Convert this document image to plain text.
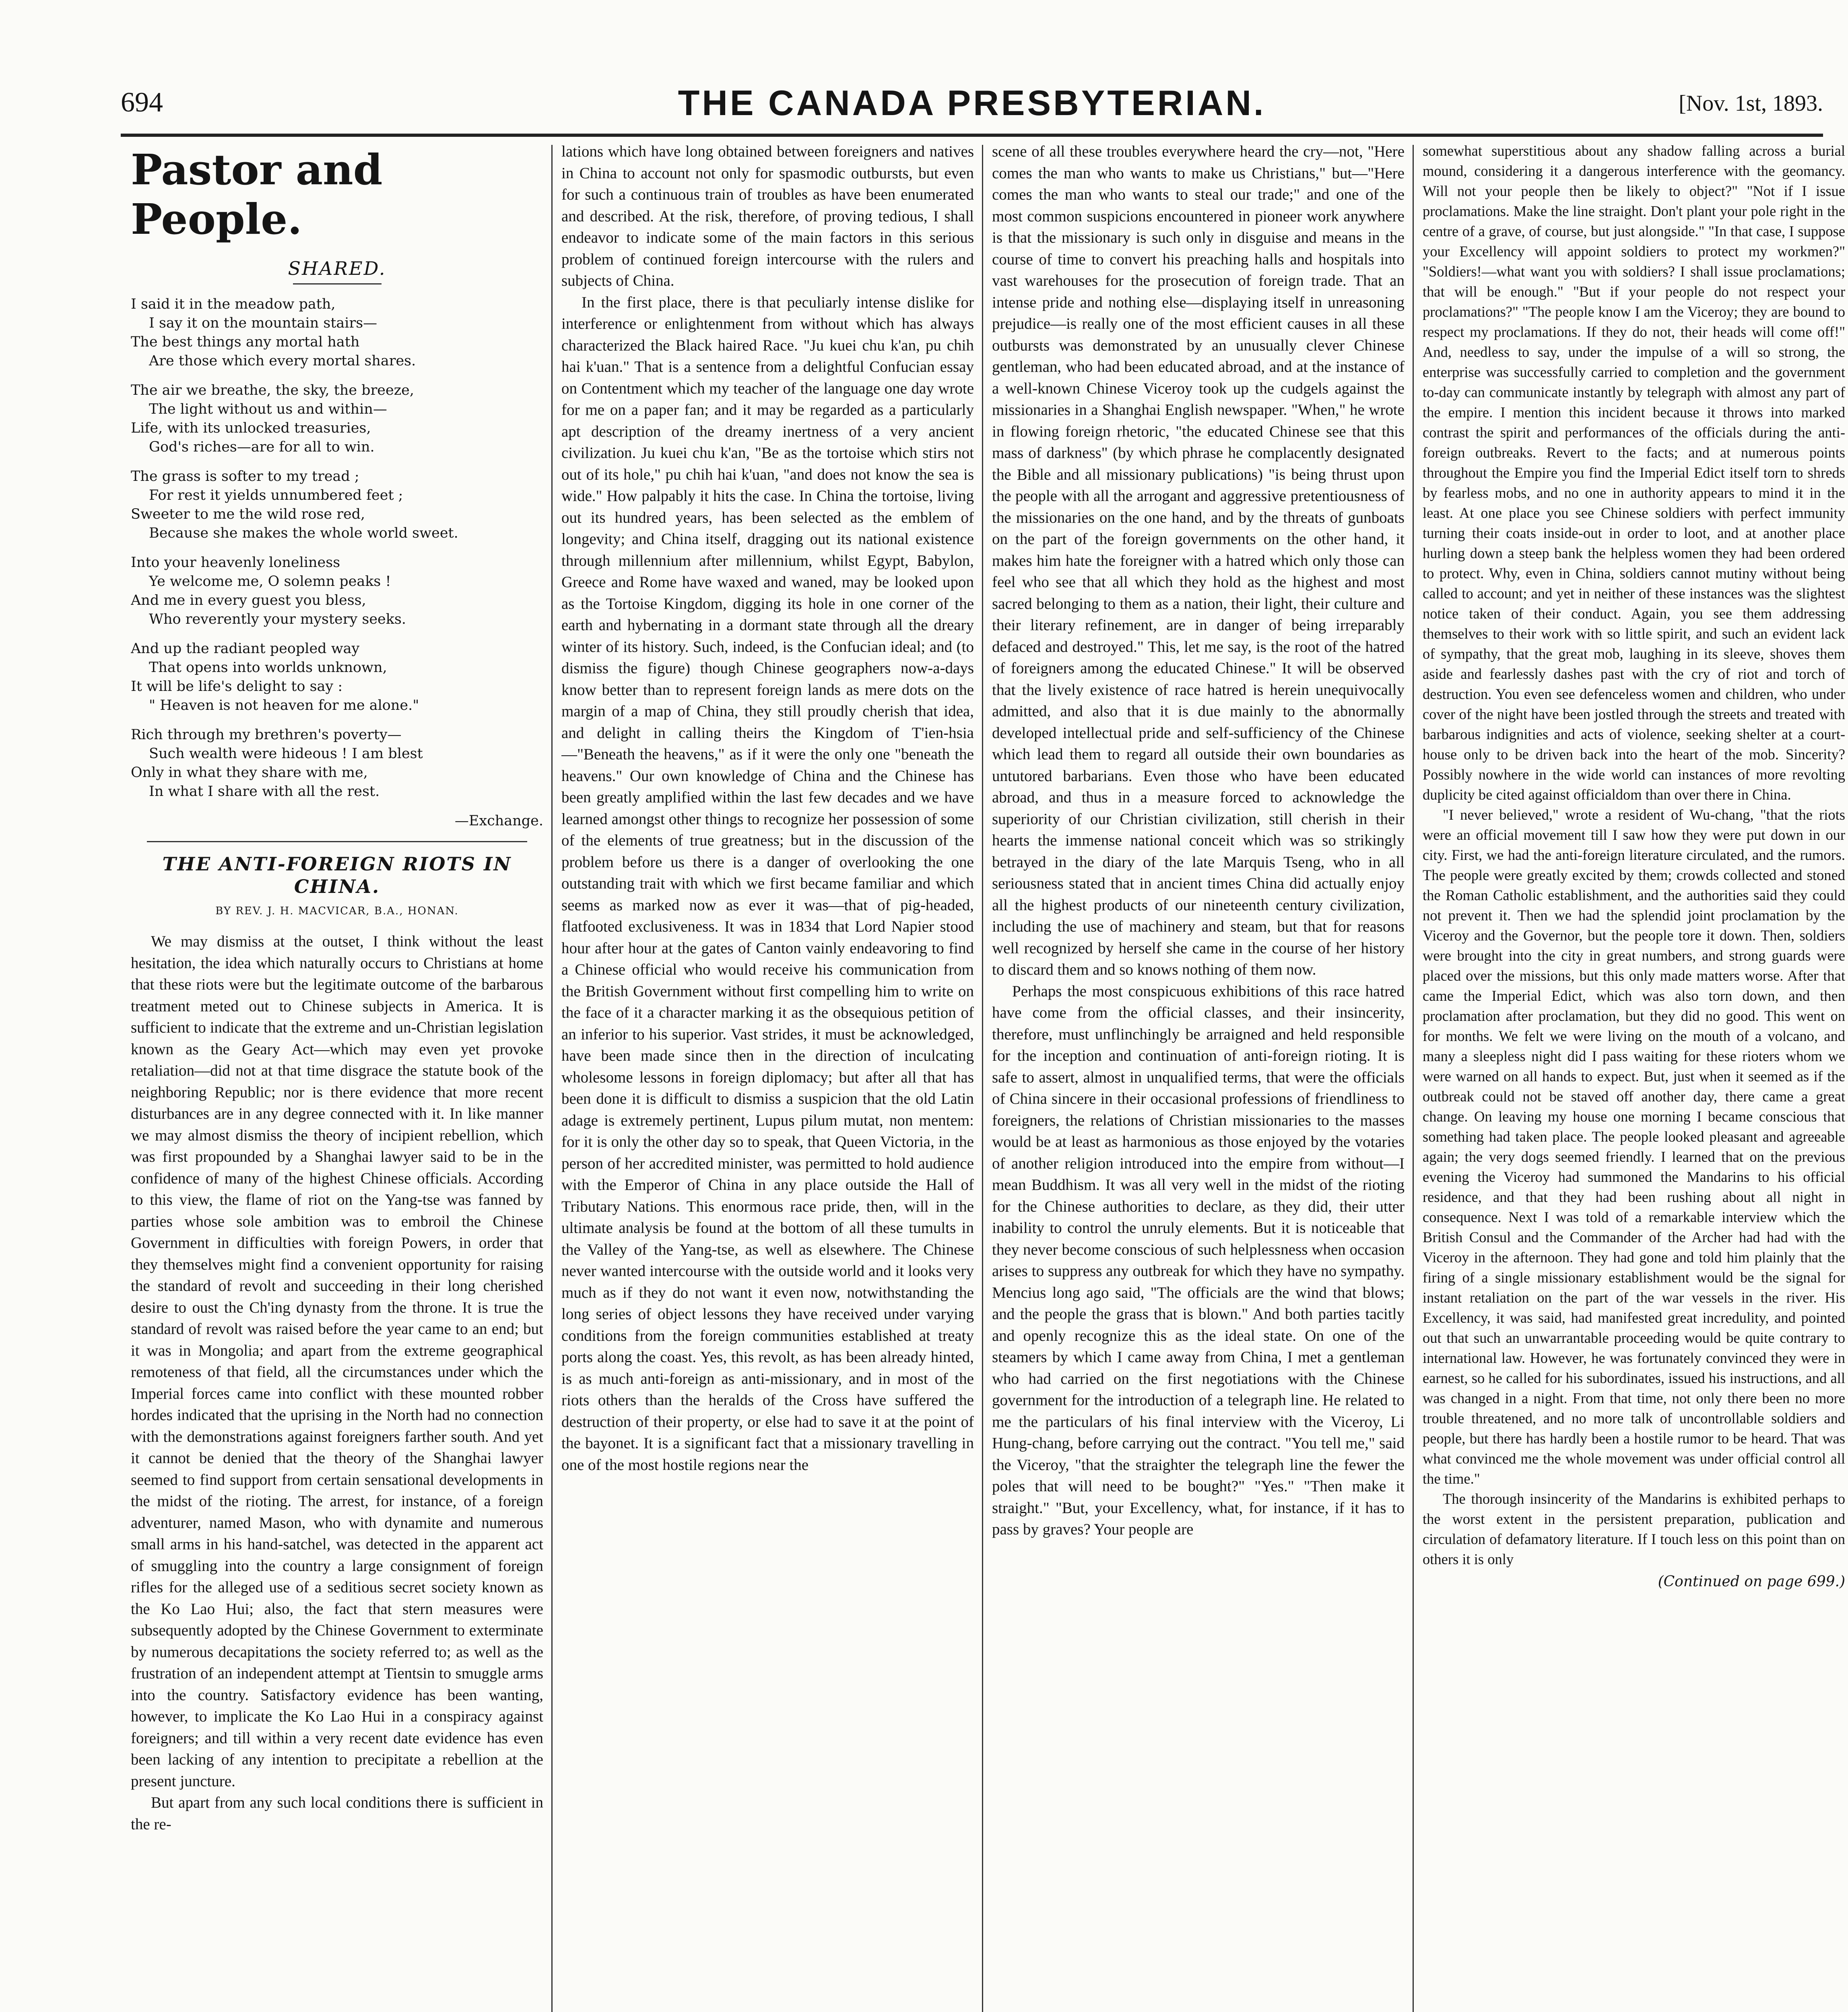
694	THE CANADA PRESBYTERIAN.	[Nov. 1st, 1893.
Pastor and People.
SHARED.
I said it in the meadow path,
I say it on the mountain stairs—
The best things any mortal hath
Are those which every mortal shares.
The air we breathe, the sky, the breeze,
The light without us and within—
Life, with its unlocked treasuries,
God's riches—are for all to win.
The grass is softer to my tread ;
For rest it yields unnumbered feet ;
Sweeter to me the wild rose red,
Because she makes the whole world sweet.
Into your heavenly loneliness
Ye welcome me, O solemn peaks !
And me in every guest you bless,
Who reverently your mystery seeks.
And up the radiant peopled way
That opens into worlds unknown,
It will be life's delight to say :
" Heaven is not heaven for me alone."
Rich through my brethren's poverty—
Such wealth were hideous ! I am blest
Only in what they share with me,
In what I share with all the rest.
—Exchange.
THE ANTI-FOREIGN RIOTS IN CHINA.
BY REV. J. H. MACVICAR, B.A., HONAN.

We may dismiss at the outset, I think without the least hesitation, the idea which naturally occurs to Christians at home that these riots were but the legitimate outcome of the barbarous treatment meted out to Chinese subjects in America. It is sufficient to indicate that the extreme and un-Christian legislation known as the Geary Act—which may even yet provoke retaliation—did not at that time disgrace the statute book of the neighboring Republic; nor is there evidence that more recent disturbances are in any degree connected with it. In like manner we may almost dismiss the theory of incipient rebellion, which was first propounded by a Shanghai lawyer said to be in the confidence of many of the highest Chinese officials. According to this view, the flame of riot on the Yang-tse was fanned by parties whose sole ambition was to embroil the Chinese Government in difficulties with foreign Powers, in order that they themselves might find a convenient opportunity for raising the standard of revolt and succeeding in their long cherished desire to oust the Ch'ing dynasty from the throne. It is true the standard of revolt was raised before the year came to an end; but it was in Mongolia; and apart from the extreme geographical remoteness of that field, all the circumstances under which the Imperial forces came into conflict with these mounted robber hordes indicated that the uprising in the North had no connection with the demonstrations against foreigners farther south. And yet it cannot be denied that the theory of the Shanghai lawyer seemed to find support from certain sensational developments in the midst of the rioting. The arrest, for instance, of a foreign adventurer, named Mason, who with dynamite and numerous small arms in his hand-satchel, was detected in the apparent act of smuggling into the country a large consignment of foreign rifles for the alleged use of a seditious secret society known as the Ko Lao Hui; also, the fact that stern measures were subsequently adopted by the Chinese Government to exterminate by numerous decapitations the society referred to; as well as the frustration of an independent attempt at Tientsin to smuggle arms into the country. Satisfactory evidence has been wanting, however, to implicate the Ko Lao Hui in a conspiracy against foreigners; and till within a very recent date evidence has even been lacking of any intention to precipitate a rebellion at the present juncture.

But apart from any such local conditions there is sufficient in the re-

lations which have long obtained between foreigners and natives in China to account not only for spasmodic outbursts, but even for such a continuous train of troubles as have been enumerated and described. At the risk, therefore, of proving tedious, I shall endeavor to indicate some of the main factors in this serious problem of continued foreign intercourse with the rulers and subjects of China.

In the first place, there is that peculiarly intense dislike for interference or enlightenment from without which has always characterized the Black haired Race. "Ju kuei chu k'an, pu chih hai k'uan." That is a sentence from a delightful Confucian essay on Contentment which my teacher of the language one day wrote for me on a paper fan; and it may be regarded as a particularly apt description of the dreamy inertness of a very ancient civilization. Ju kuei chu k'an, "Be as the tortoise which stirs not out of its hole," pu chih hai k'uan, "and does not know the sea is wide." How palpably it hits the case. In China the tortoise, living out its hundred years, has been selected as the emblem of longevity; and China itself, dragging out its national existence through millennium after millennium, whilst Egypt, Babylon, Greece and Rome have waxed and waned, may be looked upon as the Tortoise Kingdom, digging its hole in one corner of the earth and hybernating in a dormant state through all the dreary winter of its history. Such, indeed, is the Confucian ideal; and (to dismiss the figure) though Chinese geographers now-a-days know better than to represent foreign lands as mere dots on the margin of a map of China, they still proudly cherish that idea, and delight in calling theirs the Kingdom of T'ien-hsia—"Beneath the heavens," as if it were the only one "beneath the heavens." Our own knowledge of China and the Chinese has been greatly amplified within the last few decades and we have learned amongst other things to recognize her possession of some of the elements of true greatness; but in the discussion of the problem before us there is a danger of overlooking the one outstanding trait with which we first became familiar and which seems as marked now as ever it was—that of pig-headed, flatfooted exclusiveness. It was in 1834 that Lord Napier stood hour after hour at the gates of Canton vainly endeavoring to find a Chinese official who would receive his communication from the British Government without first compelling him to write on the face of it a character marking it as the obsequious petition of an inferior to his superior. Vast strides, it must be acknowledged, have been made since then in the direction of inculcating wholesome lessons in foreign diplomacy; but after all that has been done it is difficult to dismiss a suspicion that the old Latin adage is extremely pertinent, Lupus pilum mutat, non mentem: for it is only the other day so to speak, that Queen Victoria, in the person of her accredited minister, was permitted to hold audience with the Emperor of China in any place outside the Hall of Tributary Nations. This enormous race pride, then, will in the ultimate analysis be found at the bottom of all these tumults in the Valley of the Yang-tse, as well as elsewhere. The Chinese never wanted intercourse with the outside world and it looks very much as if they do not want it even now, notwithstanding the long series of object lessons they have received under varying conditions from the foreign communities established at treaty ports along the coast. Yes, this revolt, as has been already hinted, is as much anti-foreign as anti-missionary, and in most of the riots others than the heralds of the Cross have suffered the destruction of their property, or else had to save it at the point of the bayonet. It is a significant fact that a missionary travelling in one of the most hostile regions near the

scene of all these troubles everywhere heard the cry—not, "Here comes the man who wants to make us Christians," but—"Here comes the man who wants to steal our trade;" and one of the most common suspicions encountered in pioneer work anywhere is that the missionary is such only in disguise and means in the course of time to convert his preaching halls and hospitals into vast warehouses for the prosecution of foreign trade. That an intense pride and nothing else—displaying itself in unreasoning prejudice—is really one of the most efficient causes in all these outbursts was demonstrated by an unusually clever Chinese gentleman, who had been educated abroad, and at the instance of a well-known Chinese Viceroy took up the cudgels against the missionaries in a Shanghai English newspaper. "When," he wrote in flowing foreign rhetoric, "the educated Chinese see that this mass of darkness" (by which phrase he complacently designated the Bible and all missionary publications) "is being thrust upon the people with all the arrogant and aggressive pretentiousness of the missionaries on the one hand, and by the threats of gunboats on the part of the foreign governments on the other hand, it makes him hate the foreigner with a hatred which only those can feel who see that all which they hold as the highest and most sacred belonging to them as a nation, their light, their culture and their literary refinement, are in danger of being irreparably defaced and destroyed." This, let me say, is the root of the hatred of foreigners among the educated Chinese." It will be observed that the lively existence of race hatred is herein unequivocally admitted, and also that it is due mainly to the abnormally developed intellectual pride and self-sufficiency of the Chinese which lead them to regard all outside their own boundaries as untutored barbarians. Even those who have been educated abroad, and thus in a measure forced to acknowledge the superiority of our Christian civilization, still cherish in their hearts the immense national conceit which was so strikingly betrayed in the diary of the late Marquis Tseng, who in all seriousness stated that in ancient times China did actually enjoy all the highest products of our nineteenth century civilization, including the use of machinery and steam, but that for reasons well recognized by herself she came in the course of her history to discard them and so knows nothing of them now.

Perhaps the most conspicuous exhibitions of this race hatred have come from the official classes, and their insincerity, therefore, must unflinchingly be arraigned and held responsible for the inception and continuation of anti-foreign rioting. It is safe to assert, almost in unqualified terms, that were the officials of China sincere in their occasional professions of friendliness to foreigners, the relations of Christian missionaries to the masses would be at least as harmonious as those enjoyed by the votaries of another religion introduced into the empire from without—I mean Buddhism. It was all very well in the midst of the rioting for the Chinese authorities to declare, as they did, their utter inability to control the unruly elements. But it is noticeable that they never become conscious of such helplessness when occasion arises to suppress any outbreak for which they have no sympathy. Mencius long ago said, "The officials are the wind that blows; and the people the grass that is blown." And both parties tacitly and openly recognize this as the ideal state. On one of the steamers by which I came away from China, I met a gentleman who had carried on the first negotiations with the Chinese government for the introduction of a telegraph line. He related to me the particulars of his final interview with the Viceroy, Li Hung-chang, before carrying out the contract. "You tell me," said the Viceroy, "that the straighter the telegraph line the fewer the poles that will need to be bought?" "Yes." "Then make it straight." "But, your Excellency, what, for instance, if it has to pass by graves? Your people are

somewhat superstitious about any shadow falling across a burial mound, considering it a dangerous interference with the geomancy. Will not your people then be likely to object?" "Not if I issue proclamations. Make the line straight. Don't plant your pole right in the centre of a grave, of course, but just alongside." "In that case, I suppose your Excellency will appoint soldiers to protect my workmen?" "Soldiers!—what want you with soldiers? I shall issue proclamations; that will be enough." "But if your people do not respect your proclamations?" "The people know I am the Viceroy; they are bound to respect my proclamations. If they do not, their heads will come off!" And, needless to say, under the impulse of a will so strong, the enterprise was successfully carried to completion and the government to-day can communicate instantly by telegraph with almost any part of the empire. I mention this incident because it throws into marked contrast the spirit and performances of the officials during the anti-foreign outbreaks. Revert to the facts; and at numerous points throughout the Empire you find the Imperial Edict itself torn to shreds by fearless mobs, and no one in authority appears to mind it in the least. At one place you see Chinese soldiers with perfect immunity turning their coats inside-out in order to loot, and at another place hurling down a steep bank the helpless women they had been ordered to protect. Why, even in China, soldiers cannot mutiny without being called to account; and yet in neither of these instances was the slightest notice taken of their conduct. Again, you see them addressing themselves to their work with so little spirit, and such an evident lack of sympathy, that the great mob, laughing in its sleeve, shoves them aside and fearlessly dashes past with the cry of riot and torch of destruction. You even see defenceless women and children, who under cover of the night have been jostled through the streets and treated with barbarous indignities and acts of violence, seeking shelter at a court-house only to be driven back into the heart of the mob. Sincerity? Possibly nowhere in the wide world can instances of more revolting duplicity be cited against officialdom than over there in China.

"I never believed," wrote a resident of Wu-chang, "that the riots were an official movement till I saw how they were put down in our city. First, we had the anti-foreign literature circulated, and the rumors. The people were greatly excited by them; crowds collected and stoned the Roman Catholic establishment, and the authorities said they could not prevent it. Then we had the splendid joint proclamation by the Viceroy and the Governor, but the people tore it down. Then, soldiers were brought into the city in great numbers, and strong guards were placed over the missions, but this only made matters worse. After that came the Imperial Edict, which was also torn down, and then proclamation after proclamation, but they did no good. This went on for months. We felt we were living on the mouth of a volcano, and many a sleepless night did I pass waiting for these rioters whom we were warned on all hands to expect. But, just when it seemed as if the outbreak could not be staved off another day, there came a great change. On leaving my house one morning I became conscious that something had taken place. The people looked pleasant and agreeable again; the very dogs seemed friendly. I learned that on the previous evening the Viceroy had summoned the Mandarins to his official residence, and that they had been rushing about all night in consequence. Next I was told of a remarkable interview which the British Consul and the Commander of the Archer had had with the Viceroy in the afternoon. They had gone and told him plainly that the firing of a single missionary establishment would be the signal for instant retaliation on the part of the war vessels in the river. His Excellency, it was said, had manifested great incredulity, and pointed out that such an unwarrantable proceeding would be quite contrary to international law. However, he was fortunately convinced they were in earnest, so he called for his subordinates, issued his instructions, and all was changed in a night. From that time, not only there been no more trouble threatened, and no more talk of uncontrollable soldiers and people, but there has hardly been a hostile rumor to be heard. That was what convinced me the whole movement was under official control all the time."

The thorough insincerity of the Mandarins is exhibited perhaps to the worst extent in the persistent preparation, publication and circulation of defamatory literature. If I touch less on this point than on others it is only

(Continued on page 699.)
